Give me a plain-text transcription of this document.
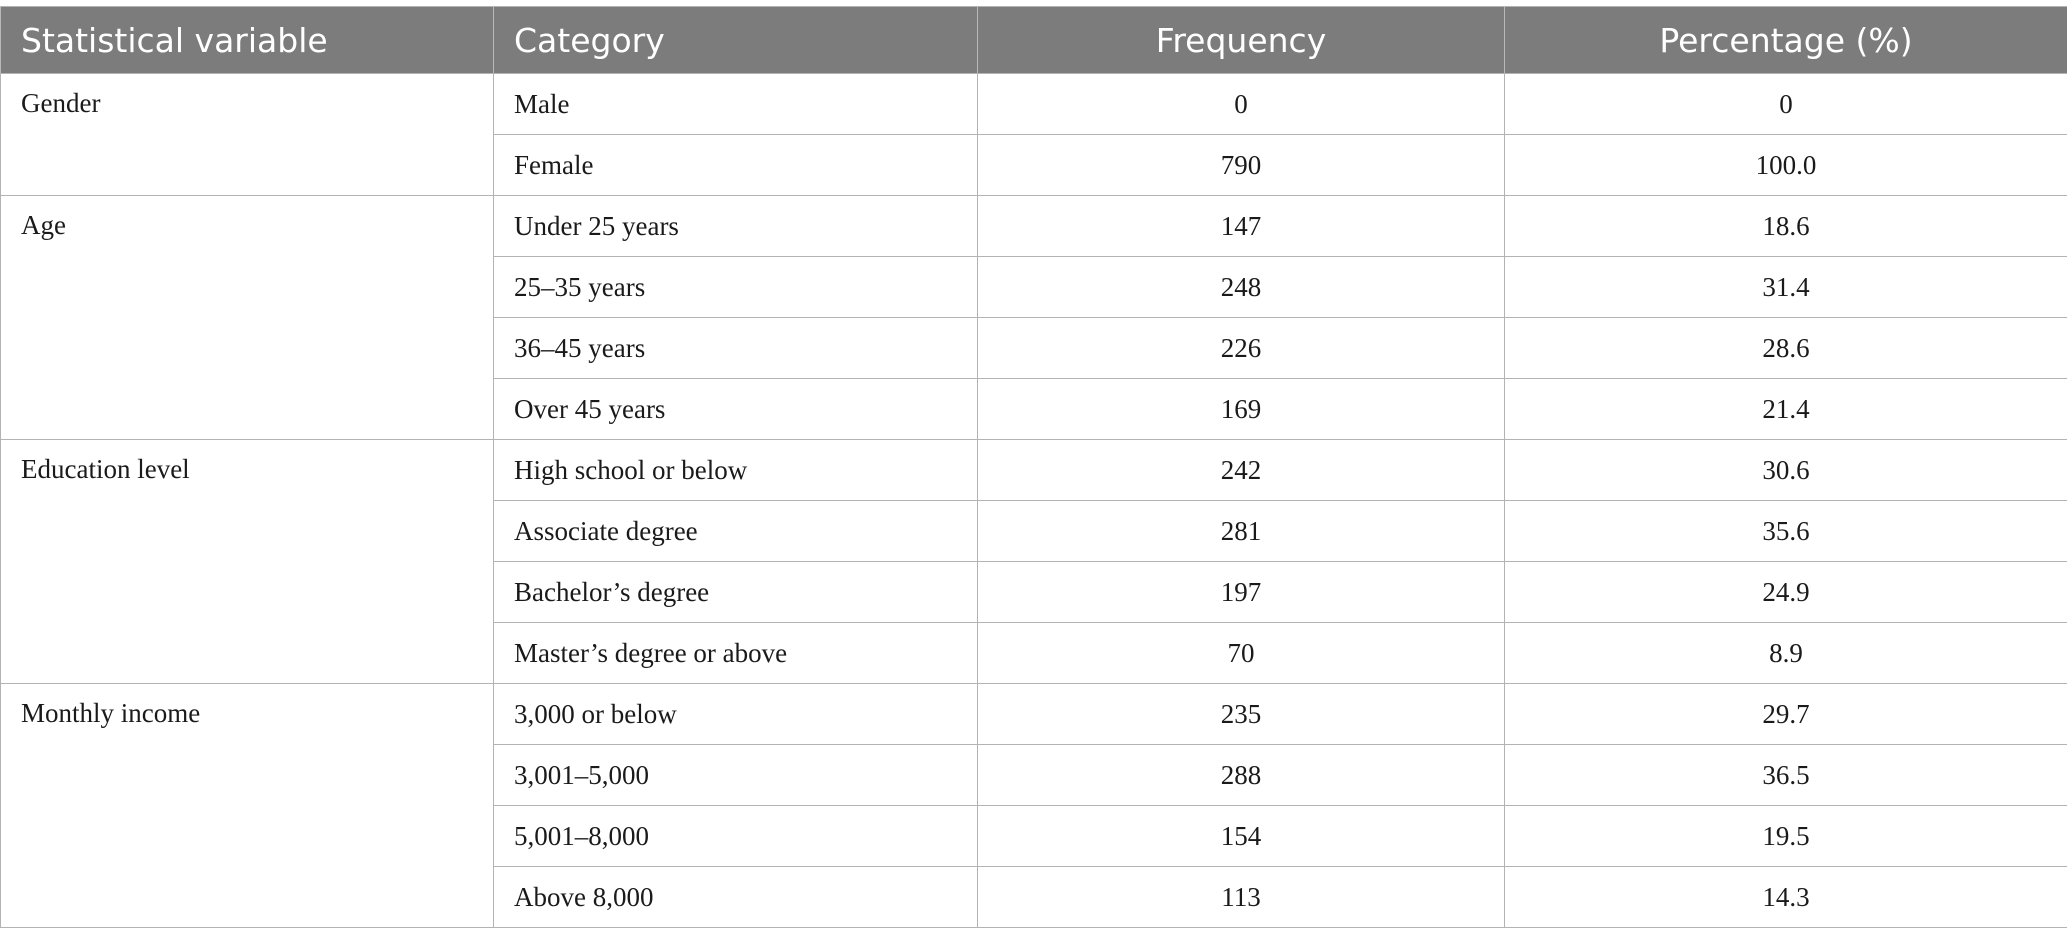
Statistical variable	Category	Frequency	Percentage (%)
Gender	Male	0	0
	Female	790	100.0
Age	Under 25 years	147	18.6
	25–35 years	248	31.4
	36–45 years	226	28.6
	Over 45 years	169	21.4
Education level	High school or below	242	30.6
	Associate degree	281	35.6
	Bachelor’s degree	197	24.9
	Master’s degree or above	70	8.9
Monthly income	3,000 or below	235	29.7
	3,001–5,000	288	36.5
	5,001–8,000	154	19.5
	Above 8,000	113	14.3
